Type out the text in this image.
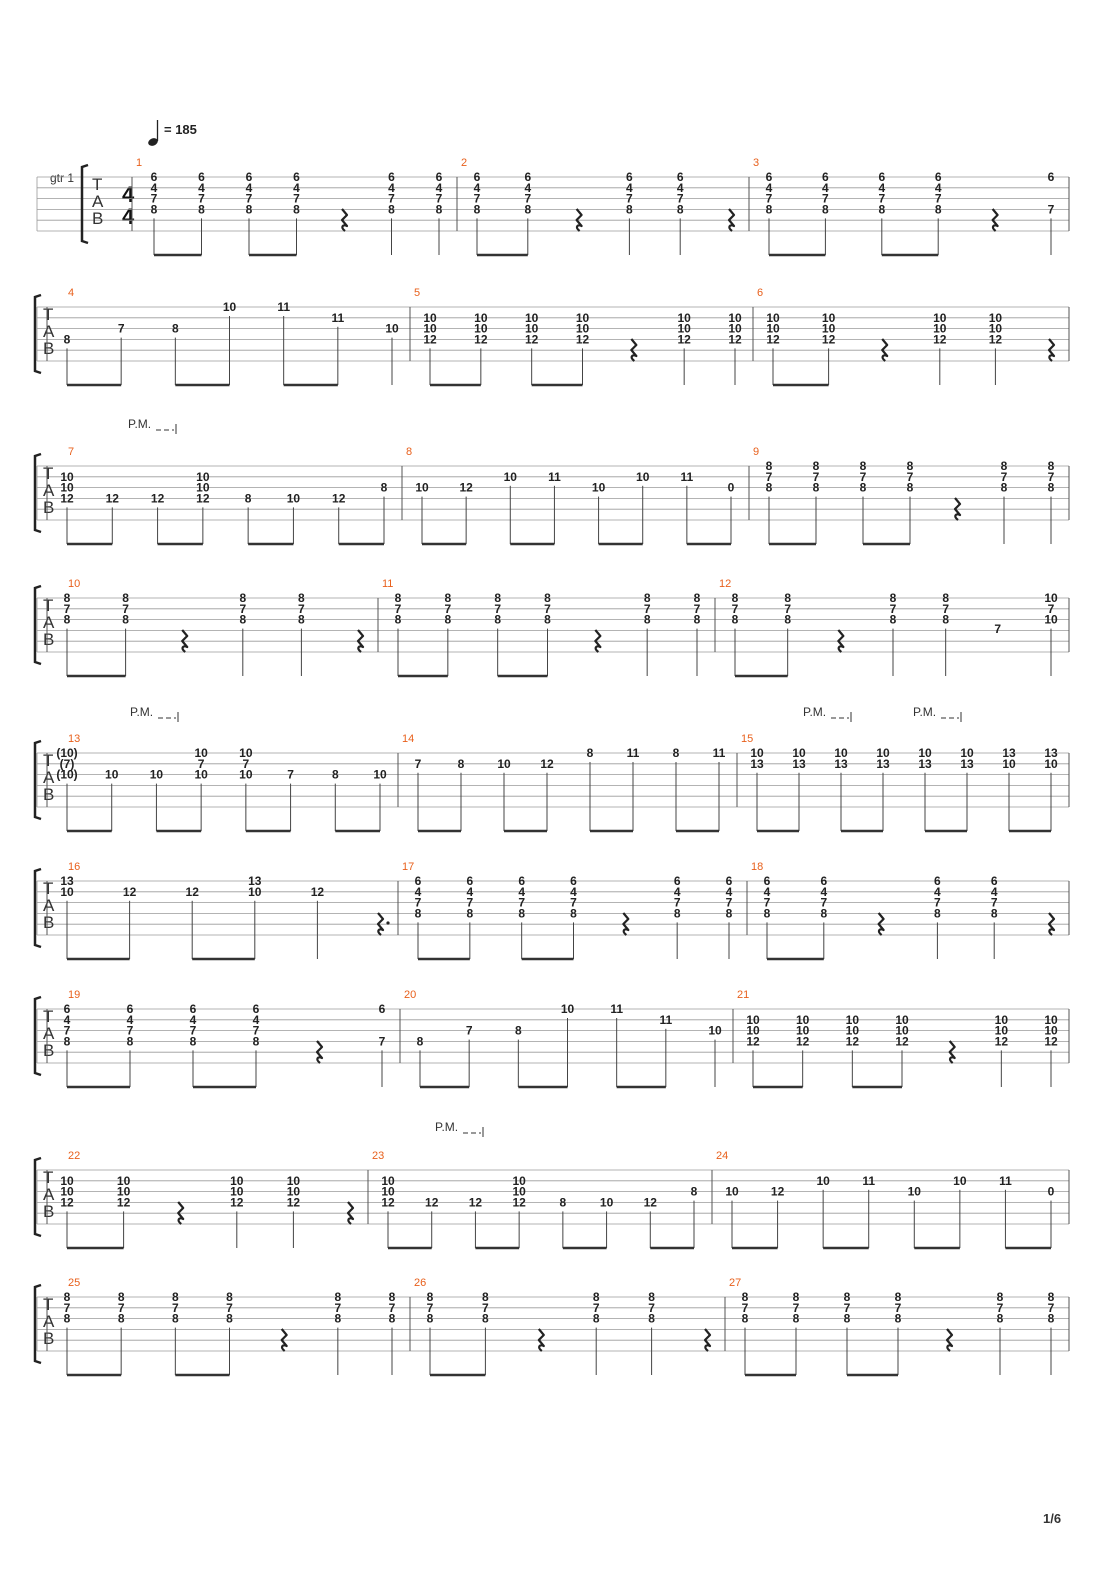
= 185
gtr 1
4
4
T
A
B
1
6
4
7
8
6
4
7
8
6
4
7
8
6
4
7
8
6
4
7
8
6
4
7
8
2
6
4
7
8
6
4
7
8
6
4
7
8
6
4
7
8
3
6
4
7
8
6
4
7
8
6
4
7
8
6
4
7
8
6
7
T
A
B
4
8
7	8
10	11
11
10
5
10
10
12
10
10
12
10
10
12
10
10
12
10
10
12
10
10
12
6
10
10
12
10
10
12
10
10
12
10
10
12
T
A
B
7
10
10
12	12	12
10
10
12	8	10	12
8
8
10	12
10	11
10
10	11
0
9
8
7
8
8
7
8
8
7
8
8
7
8
8
7
8
8
7
8
T
A
B
10
8
7
8
8
7
8
8
7
8
8
7
8
11
8
7
8
8
7
8
8
7
8
8
7
8
8
7
8
8
7
8
12
8
7
8
8
7
8
8
7
8
8
7
8
7
10
7
10
T
A
B
13
(10)
(7)
(10) 10	10
10
7
10
10
7
10	7	8	10
14
7	8	10 12
8	11	8	11
15
10
13
10
13
10
13
10
13
10
13
10
13
13
10
13
10
T
A
B
16
13
10	12	12
13
10	12
17
6
4
7
8
6
4
7
8
6
4
7
8
6
4
7
8
6
4
7
8
6
4
7
8
18
6
4
7
8
6
4
7
8
6
4
7
8
6
4
7
8
T
A
B
19
6
4
7
8
6
4
7
8
6
4
7
8
6
4
7
8
6
7
20
8
7	8
10	11
11
10
21
10
10
12
10
10
12
10
10
12
10
10
12
10
10
12
10
10
12
T
A
B
22
10
10
12
10
10
12
10
10
12
10
10
12
23
10
10
12	12	12
10
10
12	8	10	12
8
24
10	12
10	11
10
10	11
0
T
A
B
25
8
7
8
8
7
8
8
7
8
8
7
8
8
7
8
8
7
8
26
8
7
8
8
7
8
8
7
8
8
7
8
27
8
7
8
8
7
8
8
7
8
8
7
8
8
7
8
8
7
8
P.M.
P.M.	P.M.	P.M.
P.M.
1/6
